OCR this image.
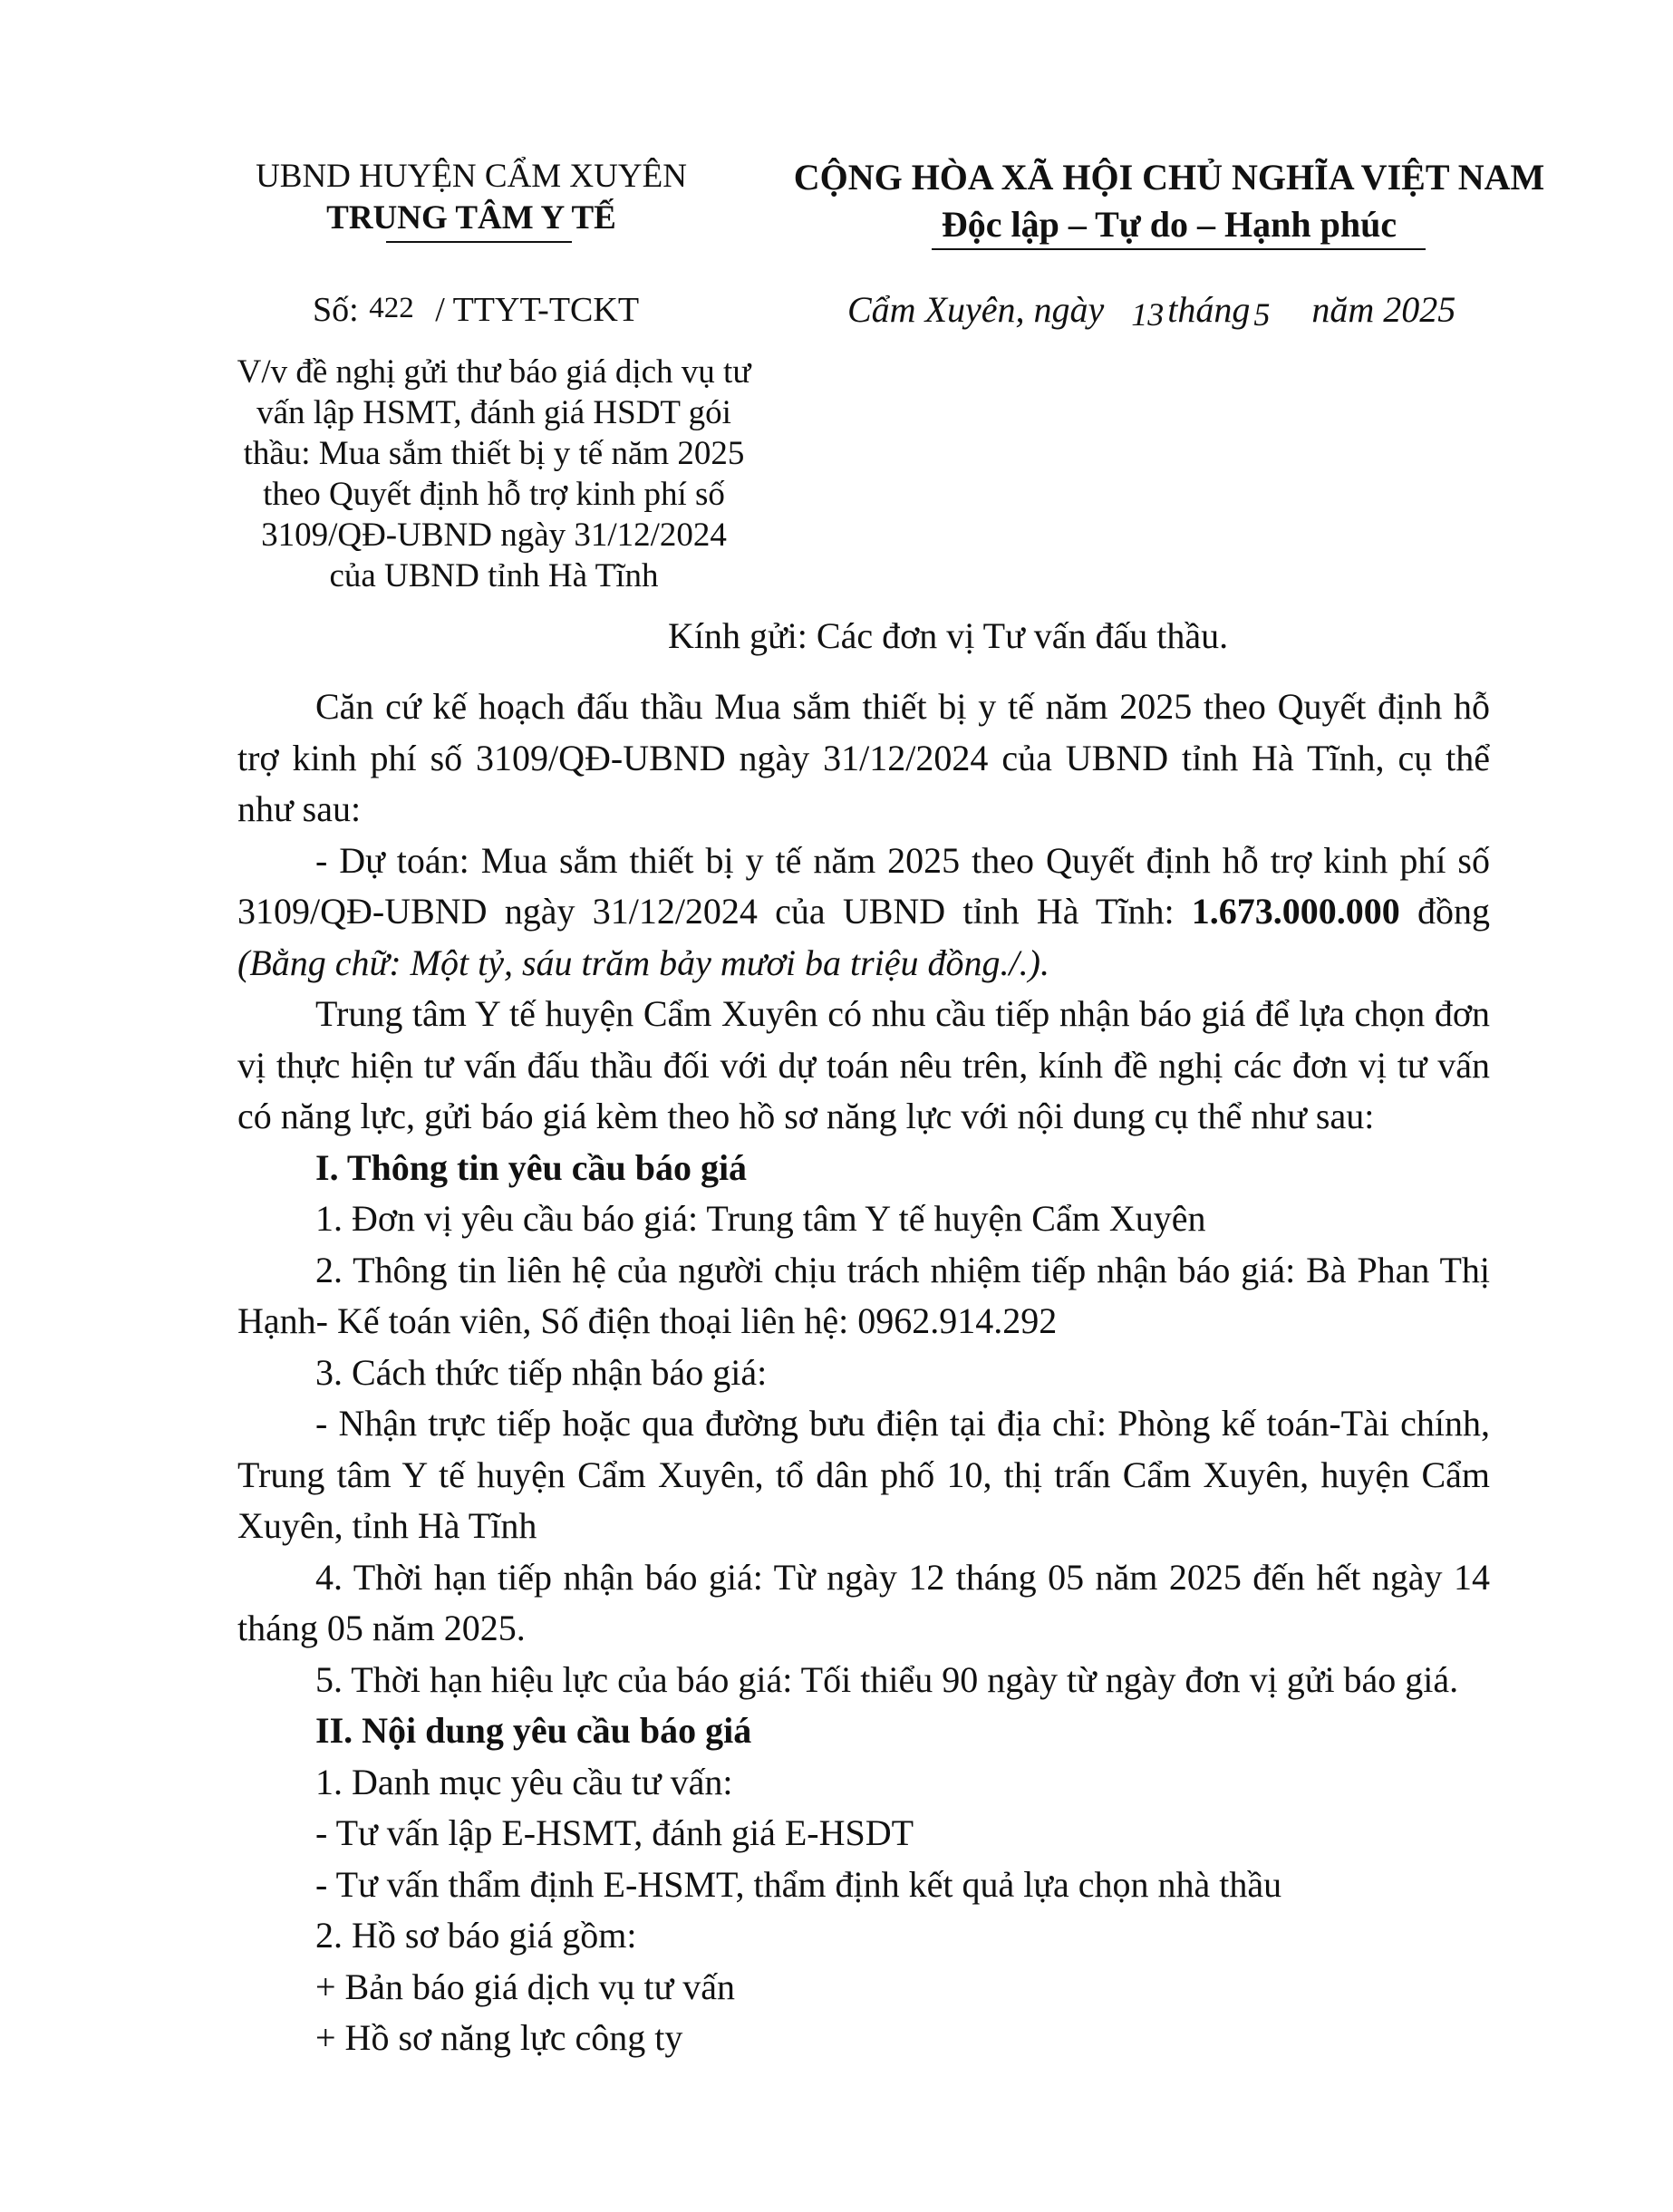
UBND HUYỆN CẨM XUYÊN
TRUNG TÂM Y TẾ
CỘNG HÒA XÃ HỘI CHỦ NGHĨA VIỆT NAM
Độc lập – Tự do – Hạnh phúc
Số: 422 / TTYT-TCKT	Cẩm Xuyên, ngày 13 tháng 5 năm 2025
V/v đề nghị gửi thư báo giá dịch vụ tư
vấn lập HSMT, đánh giá HSDT gói
thầu: Mua sắm thiết bị y tế năm 2025
theo Quyết định hỗ trợ kinh phí số
3109/QĐ-UBND ngày 31/12/2024
của UBND tỉnh Hà Tĩnh
Kính gửi: Các đơn vị Tư vấn đấu thầu.

Căn cứ kế hoạch đấu thầu Mua sắm thiết bị y tế năm 2025 theo Quyết định hỗ trợ kinh phí số 3109/QĐ-UBND ngày 31/12/2024 của UBND tỉnh Hà Tĩnh, cụ thể như sau:

- Dự toán: Mua sắm thiết bị y tế năm 2025 theo Quyết định hỗ trợ kinh phí số 3109/QĐ-UBND ngày 31/12/2024 của UBND tỉnh Hà Tĩnh: 1.673.000.000 đồng (Bằng chữ: Một tỷ, sáu trăm bảy mươi ba triệu đồng./.).

Trung tâm Y tế huyện Cẩm Xuyên có nhu cầu tiếp nhận báo giá để lựa chọn đơn vị thực hiện tư vấn đấu thầu đối với dự toán nêu trên, kính đề nghị các đơn vị tư vấn có năng lực, gửi báo giá kèm theo hồ sơ năng lực với nội dung cụ thể như sau:

I. Thông tin yêu cầu báo giá

1. Đơn vị yêu cầu báo giá: Trung tâm Y tế huyện Cẩm Xuyên

2. Thông tin liên hệ của người chịu trách nhiệm tiếp nhận báo giá: Bà Phan Thị Hạnh- Kế toán viên, Số điện thoại liên hệ: 0962.914.292

3. Cách thức tiếp nhận báo giá:

- Nhận trực tiếp hoặc qua đường bưu điện tại địa chỉ: Phòng kế toán-Tài chính, Trung tâm Y tế huyện Cẩm Xuyên, tổ dân phố 10, thị trấn Cẩm Xuyên, huyện Cẩm Xuyên, tỉnh Hà Tĩnh

4. Thời hạn tiếp nhận báo giá: Từ ngày 12 tháng 05 năm 2025 đến hết ngày 14 tháng 05 năm 2025.

5. Thời hạn hiệu lực của báo giá: Tối thiểu 90 ngày từ ngày đơn vị gửi báo giá.

II. Nội dung yêu cầu báo giá

1. Danh mục yêu cầu tư vấn:

- Tư vấn lập E-HSMT, đánh giá E-HSDT

- Tư vấn thẩm định E-HSMT, thẩm định kết quả lựa chọn nhà thầu

2. Hồ sơ báo giá gồm:

+ Bản báo giá dịch vụ tư vấn

+ Hồ sơ năng lực công ty
